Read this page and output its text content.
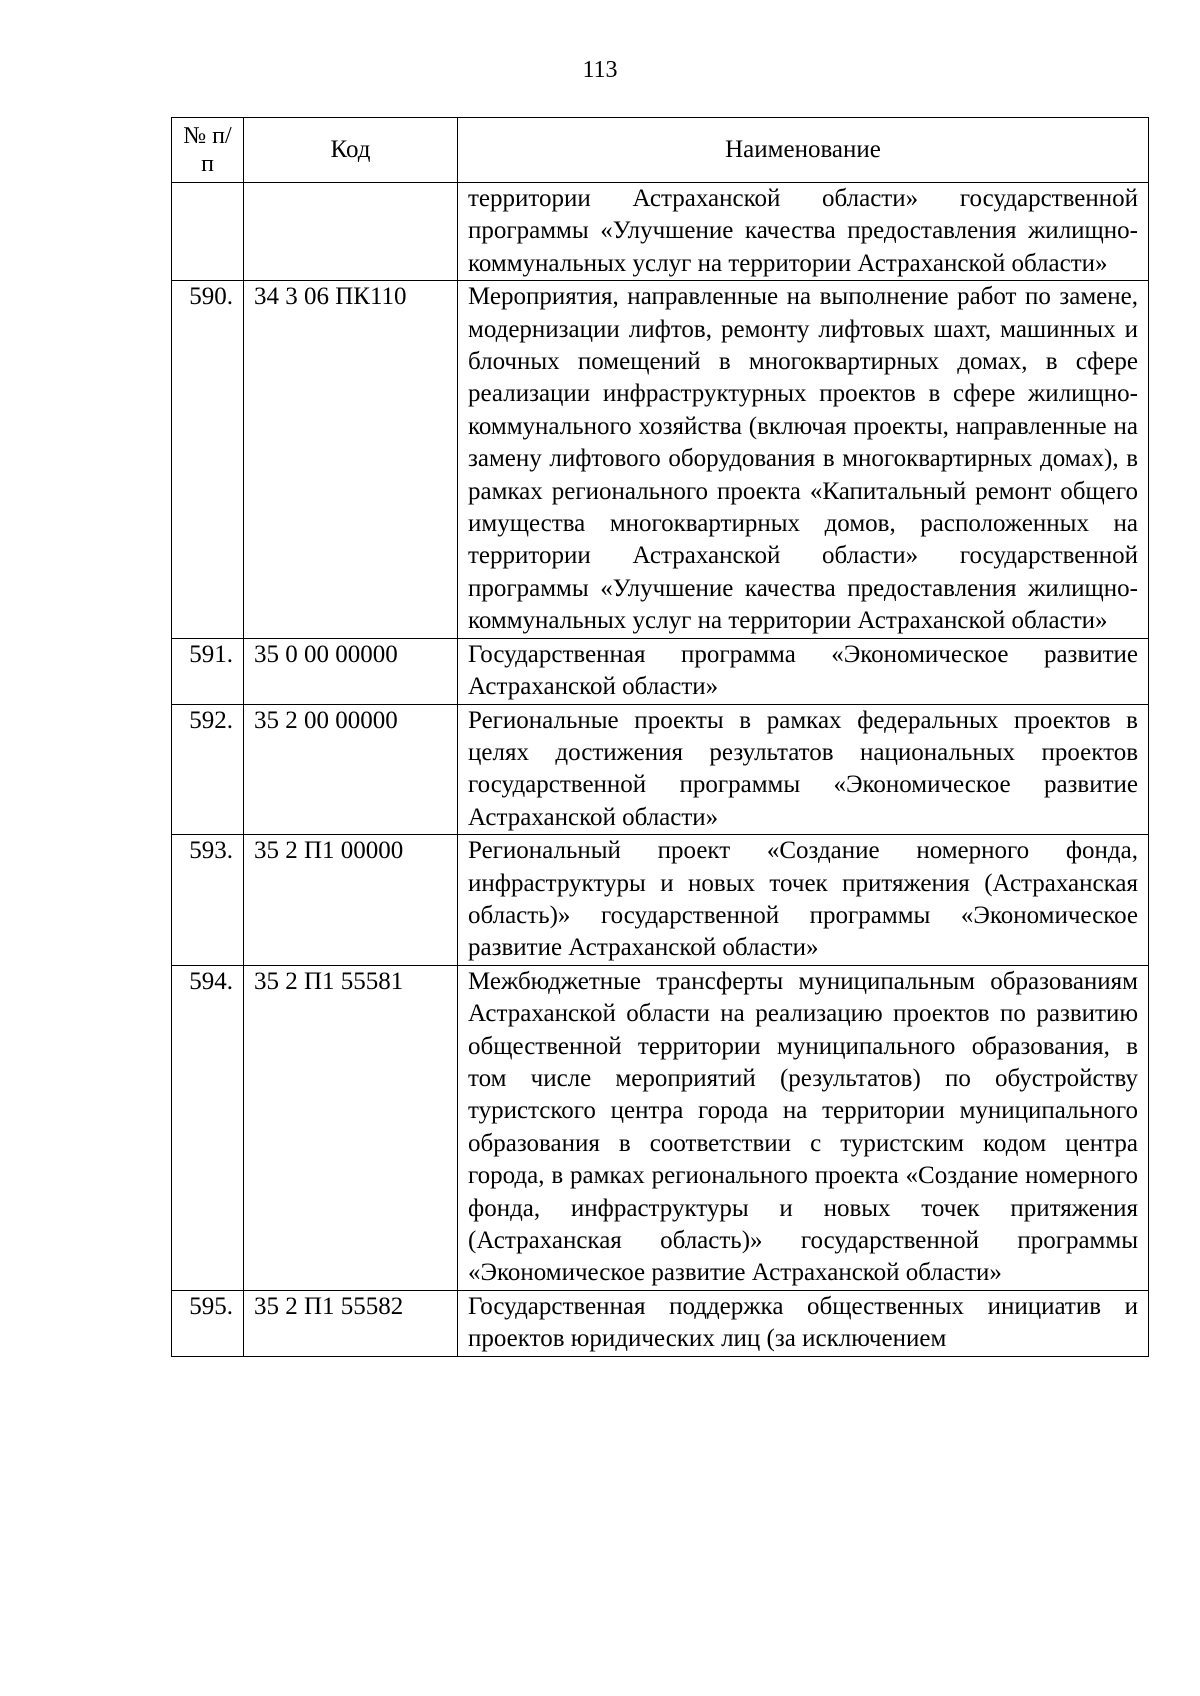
113
№ п/п	Код	Наименование
		территории Астраханской области» государственной программы «Улучшение качества предоставления жилищно-коммунальных услуг на территории Астраханской области»
590.	34 3 06 ПК110	Мероприятия, направленные на выполнение работ по замене, модернизации лифтов, ремонту лифтовых шахт, машинных и блочных помещений в многоквартирных домах, в сфере реализации инфраструктурных проектов в сфере жилищно-коммунального хозяйства (включая проекты, направленные на замену лифтового оборудования в многоквартирных домах), в рамках регионального проекта «Капитальный ремонт общего имущества многоквартирных домов, расположенных на территории Астраханской области» государственной программы «Улучшение качества предоставления жилищно-коммунальных услуг на территории Астраханской области»
591.	35 0 00 00000	Государственная программа «Экономическое развитие Астраханской области»
592.	35 2 00 00000	Региональные проекты в рамках федеральных проектов в целях достижения результатов национальных проектов государственной программы «Экономическое развитие Астраханской области»
593.	35 2 П1 00000	Региональный проект «Создание номерного фонда, инфраструктуры и новых точек притяжения (Астраханская область)» государственной программы «Экономическое развитие Астраханской области»
594.	35 2 П1 55581	Межбюджетные трансферты муниципальным образованиям Астраханской области на реализацию проектов по развитию общественной территории муниципального образования, в том числе мероприятий (результатов) по обустройству туристского центра города на территории муниципального образования в соответствии с туристским кодом центра города, в рамках регионального проекта «Создание номерного фонда, инфраструктуры и новых точек притяжения (Астраханская область)» государственной программы «Экономическое развитие Астраханской области»
595.	35 2 П1 55582	Государственная поддержка общественных инициатив и проектов юридических лиц (за исключением
